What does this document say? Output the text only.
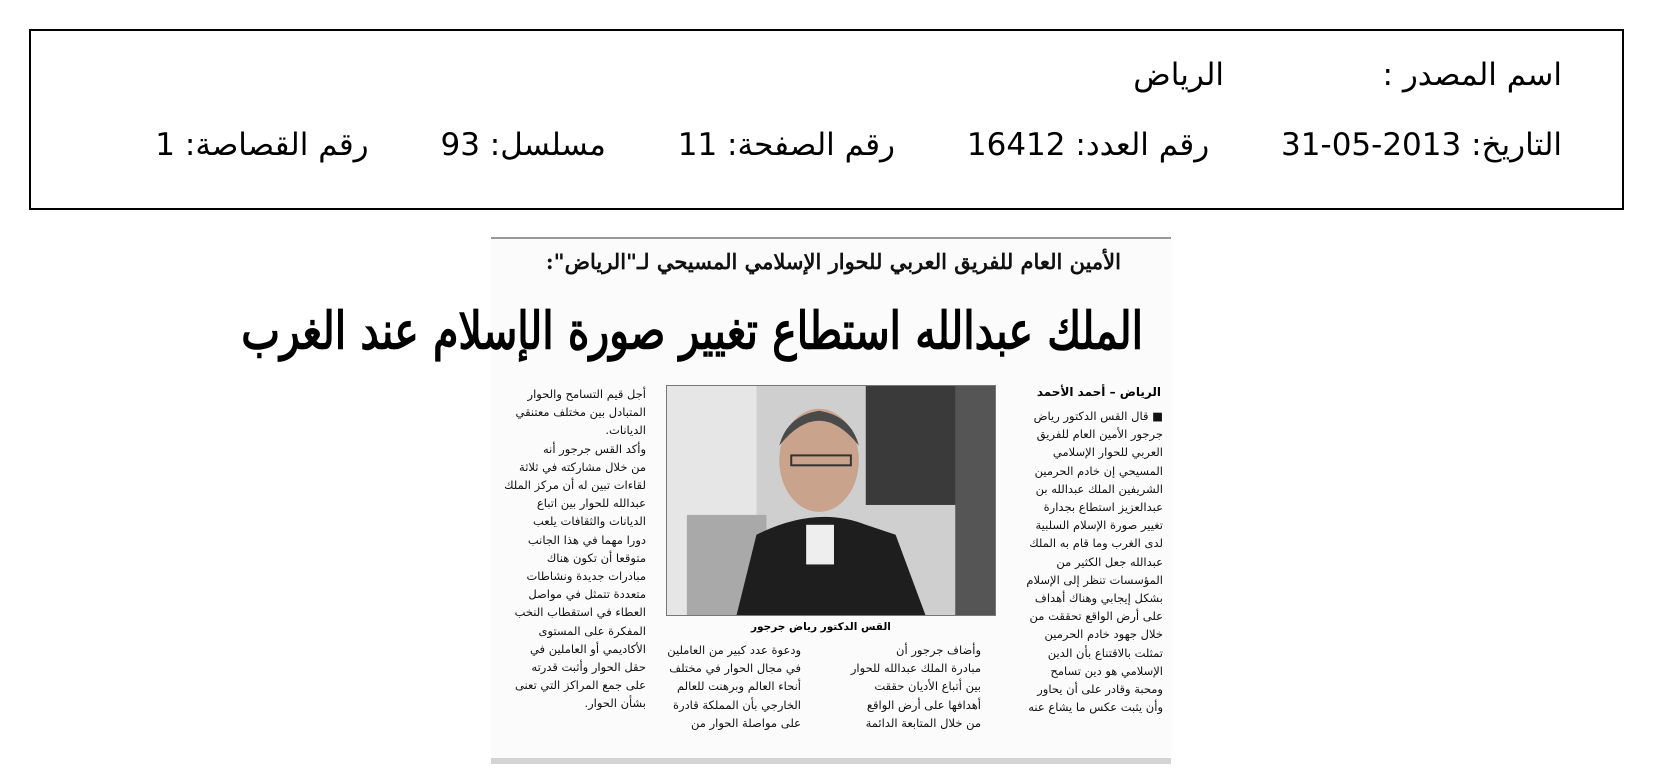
اسم المصدر :
الرياض
التاريخ: 2013-05-31 رقم العدد: 16412 رقم الصفحة: 11 مسلسل: 93 رقم القصاصة: 1
الأمين العام للفريق العربي للحوار الإسلامي المسيحي لـ"الرياض":
الملك عبدالله استطاع تغيير صورة الإسلام عند الغرب
الرياض – أحمد الأحمد
■ قال القس الدكتور رياض
جرجور الأمين العام للفريق
العربي للحوار الإسلامي
المسيحي إن خادم الحرمين
الشريفين الملك عبدالله بن
عبدالعزيز استطاع بجدارة
تغيير صورة الإسلام السلبية
لدى الغرب وما قام به الملك
عبدالله جعل الكثير من
المؤسسات تنظر إلى الإسلام
بشكل إيجابي وهناك أهداف
على أرض الواقع تحققت من
خلال جهود خادم الحرمين
تمثلت بالاقتناع بأن الدين
الإسلامي هو دين تسامح
ومحبة وقادر على أن يحاور
وأن يثبت عكس ما يشاع عنه
القس الدكتور رياض جرجور
وأضاف جرجور أن
مبادرة الملك عبدالله للحوار
بين أتباع الأديان حققت
أهدافها على أرض الواقع
من خلال المتابعة الدائمة
ودعوة عدد كبير من العاملين
في مجال الحوار في مختلف
أنحاء العالم وبرهنت للعالم
الخارجي بأن المملكة قادرة
على مواصلة الحوار من
أجل قيم التسامح والحوار
المتبادل بين مختلف معتنقي
الديانات.
وأكد القس جرجور أنه
من خلال مشاركته في ثلاثة
لقاءات تبين له أن مركز الملك
عبدالله للحوار بين اتباع
الديانات والثقافات يلعب
دورا مهما في هذا الجانب
متوقعا أن تكون هناك
مبادرات جديدة ونشاطات
متعددة تتمثل في مواصل
العطاء في استقطاب النخب
المفكرة على المستوى
الأكاديمي أو العاملين في
حقل الحوار وأثبت قدرته
على جمع المراكز التي تعنى
بشأن الحوار.
